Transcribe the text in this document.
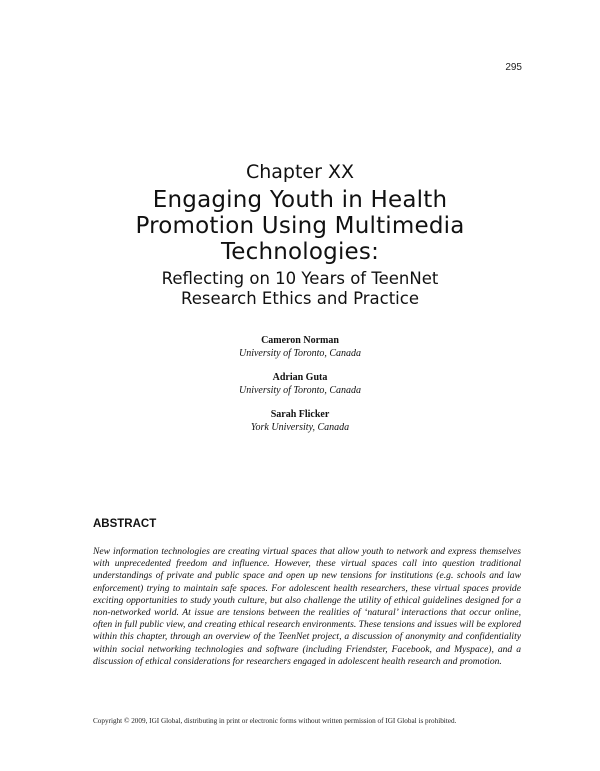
295
Chapter XX
Engaging Youth in Health
Promotion Using Multimedia
Technologies:
Reflecting on 10 Years of TeenNet
Research Ethics and Practice
Cameron Norman
University of Toronto, Canada
Adrian Guta
University of Toronto, Canada
Sarah Flicker
York University, Canada
ABSTRACT
New information technologies are creating virtual spaces that allow youth to network and express themselves with unprecedented freedom and influence. However, these virtual spaces call into question traditional understandings of private and public space and open up new tensions for institutions (e.g. schools and law enforcement) trying to maintain safe spaces. For adolescent health researchers, these virtual spaces provide exciting opportunities to study youth culture, but also challenge the utility of ethical guidelines designed for a non-networked world. At issue are tensions between the realities of ‘natural’ interactions that occur online, often in full public view, and creating ethical research environments. These tensions and issues will be explored within this chapter, through an overview of the TeenNet project, a discussion of anonymity and confidentiality within social networking technologies and software (including Friendster, Facebook, and Myspace), and a discussion of ethical considerations for researchers engaged in adolescent health research and promotion.
Copyright © 2009, IGI Global, distributing in print or electronic forms without written permission of IGI Global is prohibited.
